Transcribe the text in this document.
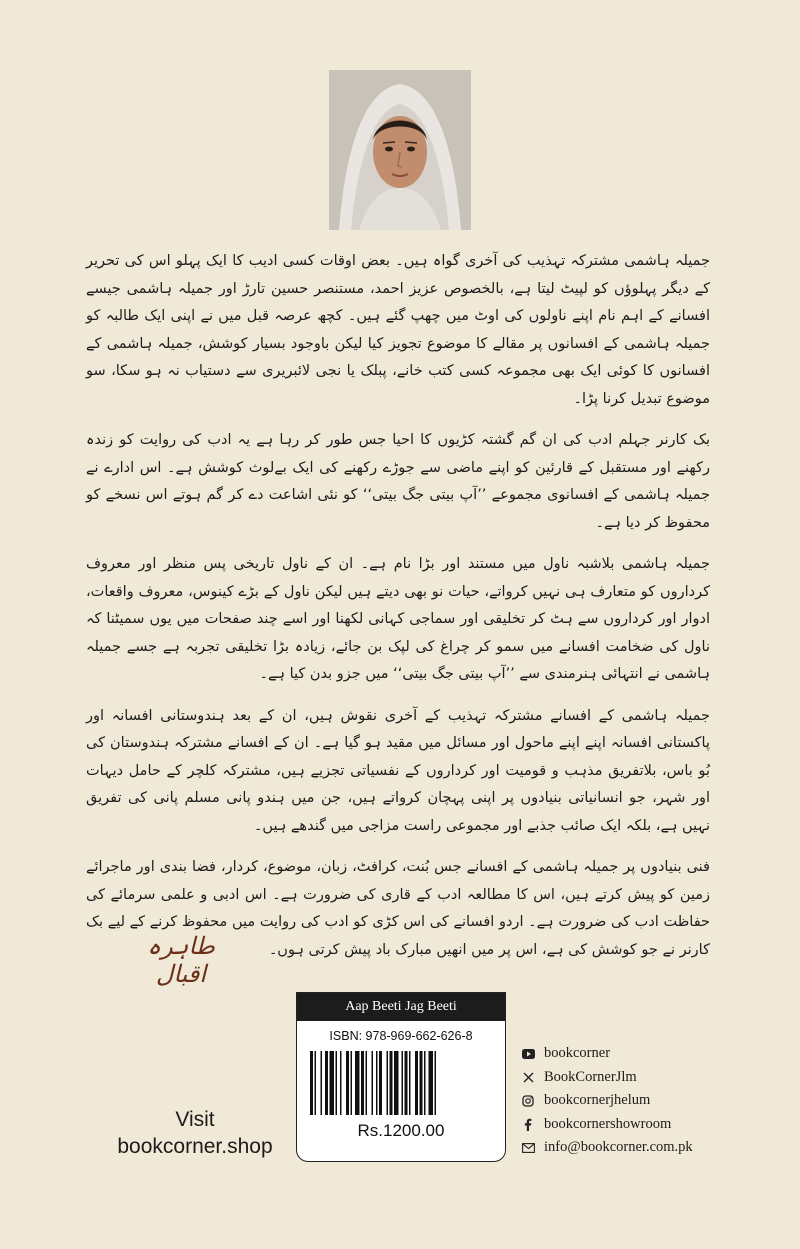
جمیلہ ہاشمی مشترکہ تہذیب کی آخری گواہ ہیں۔ بعض اوقات کسی ادیب کا ایک پہلو اس کی تحریر کے دیگر پہلوؤں کو لپیٹ لیتا ہے، بالخصوص عزیز احمد، مستنصر حسین تارڑ اور جمیلہ ہاشمی جیسے افسانے کے اہم نام اپنے ناولوں کی اوٹ میں چھپ گئے ہیں۔ کچھ عرصہ قبل میں نے اپنی ایک طالبہ کو جمیلہ ہاشمی کے افسانوں پر مقالے کا موضوع تجویز کیا لیکن باوجود بسیار کوشش، جمیلہ ہاشمی کے افسانوں کا کوئی ایک بھی مجموعہ کسی کتب خانے، پبلک یا نجی لائبریری سے دستیاب نہ ہو سکا، سو موضوع تبدیل کرنا پڑا۔

بک کارنر جہلم ادب کی ان گم گشتہ کڑیوں کا احیا جس طور کر رہا ہے یہ ادب کی روایت کو زندہ رکھنے اور مستقبل کے قارئین کو اپنے ماضی سے جوڑے رکھنے کی ایک بےلوث کوشش ہے۔ اس ادارے نے جمیلہ ہاشمی کے افسانوی مجموعے ’’آپ بیتی جگ بیتی‘‘ کو نئی اشاعت دے کر گم ہوتے اس نسخے کو محفوظ کر دیا ہے۔

جمیلہ ہاشمی بلاشبہ ناول میں مستند اور بڑا نام ہے۔ ان کے ناول تاریخی پس منظر اور معروف کرداروں کو متعارف ہی نہیں کرواتے، حیات نو بھی دیتے ہیں لیکن ناول کے بڑے کینوس، معروف واقعات، ادوار اور کرداروں سے ہٹ کر تخلیقی اور سماجی کہانی لکھنا اور اسے چند صفحات میں یوں سمیٹنا کہ ناول کی ضخامت افسانے میں سمو کر چراغ کی لپک بن جائے، زیادہ بڑا تخلیقی تجربہ ہے جسے جمیلہ ہاشمی نے انتہائی ہنرمندی سے ’’آپ بیتی جگ بیتی‘‘ میں جزو بدن کیا ہے۔

جمیلہ ہاشمی کے افسانے مشترکہ تہذیب کے آخری نقوش ہیں، ان کے بعد ہندوستانی افسانہ اور پاکستانی افسانہ اپنے اپنے ماحول اور مسائل میں مقید ہو گیا ہے۔ ان کے افسانے مشترکہ ہندوستان کی بُو باس، بلاتفریق مذہب و قومیت اور کرداروں کے نفسیاتی تجزیے ہیں، مشترکہ کلچر کے حامل دیہات اور شہر، جو انسانیاتی بنیادوں پر اپنی پہچان کرواتے ہیں، جن میں ہندو پانی مسلم پانی کی تفریق نہیں ہے، بلکہ ایک صائب جذبے اور مجموعی راست مزاجی میں گندھے ہیں۔

فنی بنیادوں پر جمیلہ ہاشمی کے افسانے جس بُنت، کرافٹ، زبان، موضوع، کردار، فضا بندی اور ماجرائے زمین کو پیش کرتے ہیں، اس کا مطالعہ ادب کے قاری کی ضرورت ہے۔ اس ادبی و علمی سرمائے کی حفاظت ادب کی ضرورت ہے۔ اردو افسانے کی اس کڑی کو ادب کی روایت میں محفوظ کرنے کے لیے بک کارنر نے جو کوشش کی ہے، اس پر میں انھیں مبارک باد پیش کرتی ہوں۔

طاہرہ اقبال
Aap Beeti Jag Beeti
ISBN: 978-969-662-626-8
Rs.1200.00
Visit
bookcorner.shop
bookcorner
BookCornerJlm
bookcornerjhelum
bookcornershowroom
info@bookcorner.com.pk
